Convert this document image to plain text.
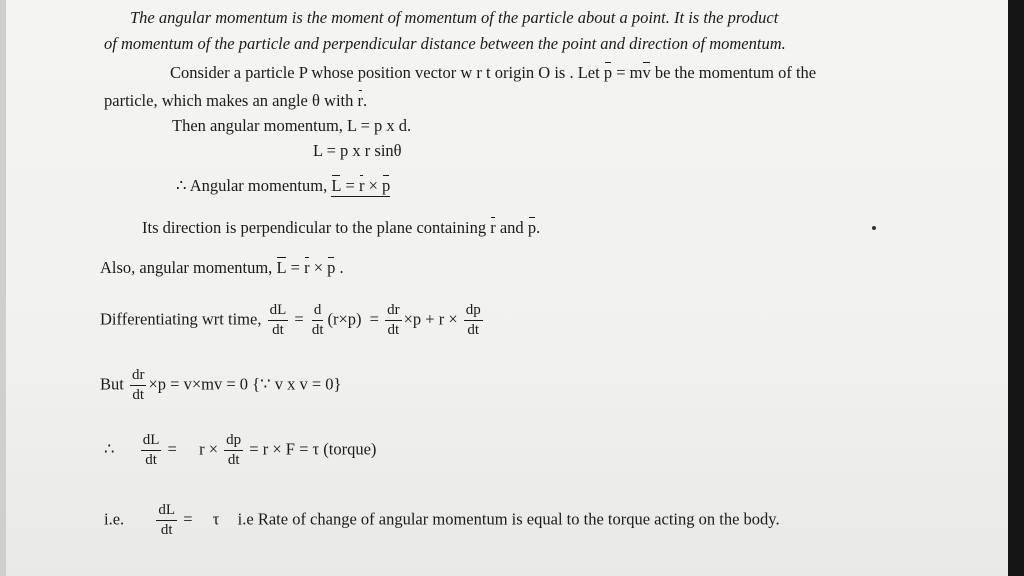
The angular momentum is the moment of momentum of the particle about a point. It is the product
of momentum of the particle and perpendicular distance between the point and direction of momentum.
Consider a particle P whose position vector w r t origin O is . Let p = mv be the momentum of the
particle, which makes an angle θ with r.
Then angular momentum, L = p x d.
L = p x r sinθ
∴ Angular momentum, L = r × p
Its direction is perpendicular to the plane containing r and p.
Also, angular momentum, L = r × p .
Differentiating wrt time, $\frac{dL}{dt} = \frac{d}{dt} (r\times p) = \frac{dr}{dt} \times p + r \times \frac{dp}{dt}$
But $\frac{dr}{dt} \times p = v\times mv = 0$ {∵ v x v = 0}
∴ $\frac{dL}{dt} = r \times \frac{dp}{dt} = r \times F = \tau$ (torque)
i.e. $\frac{dL}{dt} = \tau$ i.e Rate of change of angular momentum is equal to the torque acting on the body.
